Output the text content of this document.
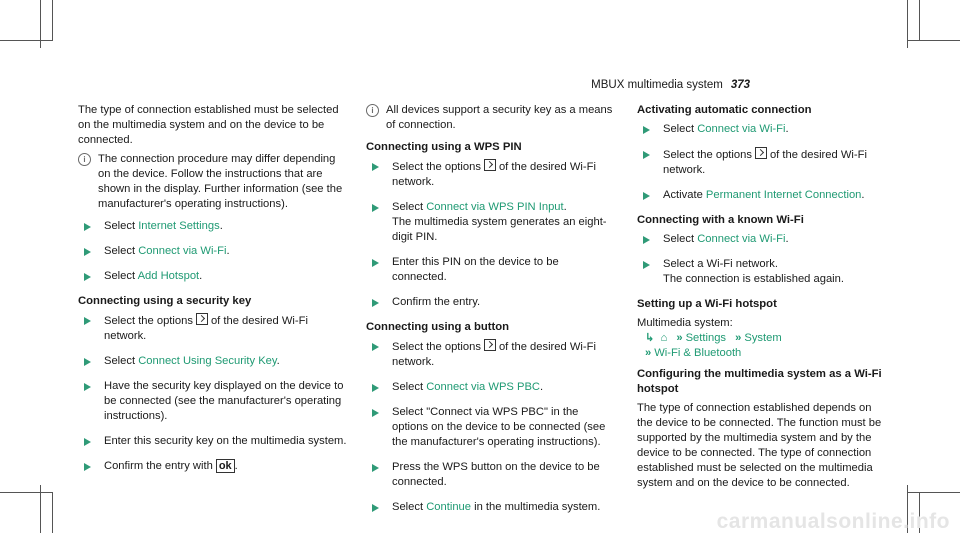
MBUX multimedia system 373

The type of connection established must be selected on the multimedia system and on the device to be connected.

i	The connection procedure may differ depending on the device. Follow the instructions that are shown in the display. Further information (see the manufacturer's operating instructions).
Select Internet Settings.
Select Connect via Wi-Fi.
Select Add Hotspot.
Connecting using a security key
Select the options of the desired Wi-Fi network.
Select Connect Using Security Key.
Have the security key displayed on the device to be connected (see the manufacturer's operating instructions).
Enter this security key on the multimedia system.
Confirm the entry with ok .
i	All devices support a security key as a means of connection.
Connecting using a WPS PIN
Select the options of the desired Wi-Fi network.
Select Connect via WPS PIN Input.
The multimedia system generates an eight-digit PIN.
Enter this PIN on the device to be connected.
Confirm the entry.
Connecting using a button
Select the options of the desired Wi-Fi network.
Select Connect via WPS PBC.
Select "Connect via WPS PBC" in the options on the device to be connected (see the manufacturer's operating instructions).
Press the WPS button on the device to be connected.
Select Continue in the multimedia system.
Activating automatic connection
Select Connect via Wi-Fi.
Select the options of the desired Wi-Fi network.
Activate Permanent Internet Connection.
Connecting with a known Wi-Fi
Select Connect via Wi-Fi.
Select a Wi-Fi network.
The connection is established again.
Setting up a Wi-Fi hotspot

Multimedia system:

↳ ⌂ » Settings » System

» Wi-Fi & Bluetooth

Configuring the multimedia system as a Wi-Fi hotspot

The type of connection established depends on the device to be connected. The function must be supported by the multimedia system and by the device to be connected. The type of connection established must be selected on the multimedia system and on the device to be connected.

carmanualsonline.info
